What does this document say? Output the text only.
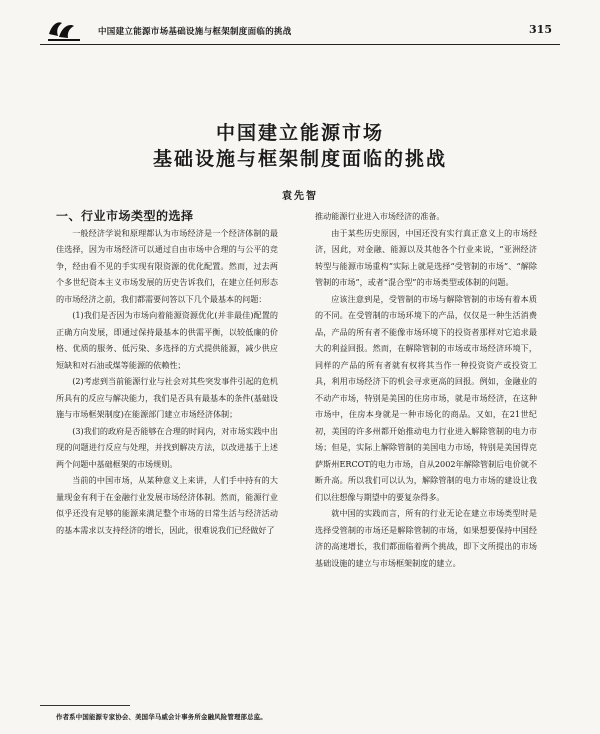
中国建立能源市场基础设施与框架制度面临的挑战	315
中国建立能源市场
基础设施与框架制度面临的挑战
袁先智

一、行业市场类型的选择

一般经济学说和原理都认为市场经济是一个经济体制的最佳选择，因为市场经济可以通过自由市场中合理的与公平的竞争，经由看不见的手实现有限资源的优化配置。然而，过去两个多世纪资本主义市场发展的历史告诉我们，在建立任何形态的市场经济之前，我们都需要问答以下几个最基本的问题：

(1)我们是否因为市场向着能源资源优化(并非最佳)配置的正确方向发展，即通过保持最基本的供需平衡，以较低廉的价格、优质的服务、低污染、多选择的方式提供能源，减少供应短缺和对石油或煤等能源的依赖性；

(2)考虑到当前能源行业与社会对其些突发事件引起的危机所具有的反应与解决能力，我们是否具有最基本的条件(基础设施与市场框架制度)在能源部门建立市场经济体制；

(3)我们的政府是否能够在合理的时间内，对市场实践中出现的问题进行反应与处理，并找到解决方法，以改进基于上述两个问题中基础框架的市场规则。

当前的中国市场，从某种意义上来讲，人们手中持有的大量现金有利于在金融行业发展市场经济体制。然而，能源行业似乎还没有足够的能源来满足整个市场的日常生活与经济活动的基本需求以支持经济的增长，因此，很难说我们已经做好了

推动能源行业进入市场经济的准备。

由于某些历史原因，中国还没有实行真正意义上的市场经济，因此，对金融、能源以及其他各个行业来说，“亚洲经济转型与能源市场重构”实际上就是选择“受管制的市场”、“解除管制的市场”，或者“混合型”的市场类型或体制的问题。

应该注意到是，受管制的市场与解除管制的市场有着本质的不同。在受管制的市场环境下的产品，仅仅是一种生活消费品，产品的所有者不能像市场环境下的投资者那样对它追求最大的利益回报。然而，在解除管制的市场或市场经济环境下，同样的产品的所有者就有权将其当作一种投资资产或投资工具，利用市场经济下的机会寻求更高的回报。例如，金融业的不动产市场，特别是美国的住房市场，就是市场经济，在这种市场中，住房本身就是一种市场化的商品。又如，在21世纪初，美国的许多州都开始推动电力行业进入解除管制的电力市场；但是，实际上解除管制的美国电力市场，特别是美国得克萨斯州ERCOT的电力市场，自从2002年解除管制后电价就不断升高。所以我们可以认为，解除管制的电力市场的建设让我们以往想像与期望中的要复杂得多。

就中国的实践而言，所有的行业无论在建立市场类型时是选择受管制的市场还是解除管制的市场，如果想要保持中国经济的高速增长，我们都面临着两个挑战，即下文所提出的市场基础设施的建立与市场框架制度的建立。

作者系中国能源专家协会、美国华马威会计事务所金融风险管理部总监。
